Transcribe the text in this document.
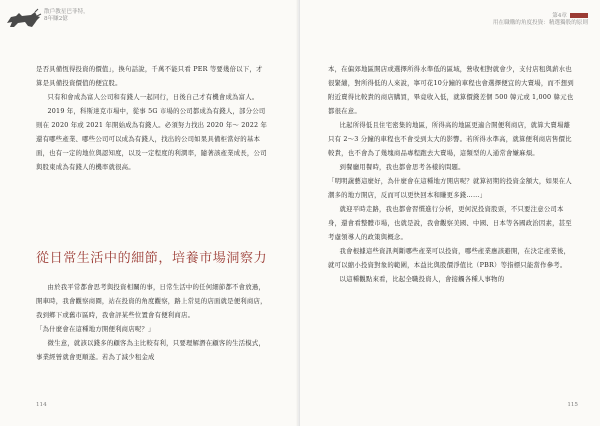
散戶教星巴菲特，
8年賺2億

是否具備恆得投資的價值」，換句話說，千萬不能只看 PER 等要幾倍以下，才算是具備投資價值的便宜股。

只有和會成為富人公司和有錢人一起同行，日後自己才有機會成為富人。

2019 年，科斯達克市場中，從事 5G 市場的公司都成為有錢人，部分公司則在 2020 年或 2021 年開始成為有錢人。必須努力找出 2020 年～ 2022 年還有哪些產業、哪些公司可以成為有錢人，找出的公司如果具備柜當好的基本面，也有一定的地位與認知度，以及一定程度的利潤率，隨著該產業成長，公司與股東成為有錢人的機率就很高。

從日常生活中的細節，培養市場洞察力

由於我平常都會思考與投資相關的事，日常生活中的任何細節都不會放過，開車時，我會觀察商圈，站在投資的角度觀察，路上常見的店面就是便利商店，我到鄉下或舊市區時，我會評某些位置會有便利商店。

「為什麼會在這種地方開便利商店呢？」

微生意，就該以錢多的顧客為主比較有利，只要理解潛在顧客的生活模式，事業經營就會更順遂。若為了減少租金成

114
第4章
用在職購的角度投資：精選獨股的原則

本，在偏郊地區開店或選擇所得水準低的區域，營收相對就會少，支付店租與薪水也很緊繃，對所得低的人來說，寧可花10分鐘的車程也會選擇便宜的大賣場，而不想到附近賣得比較貴的商店購買，畢竟收入低，就算價錢差個 500 韓元或 1,000 韓元也都很在意。

比起所得低且住宅密集的地區，所得高的地區更適合開便利商店，就算大賣場離只有 2～3 分鐘的車程也不會受到太大的影響。若所得水準高，就算便利商店售價比較貴，也不會為了幾塊商品專程跑去大賣場，這類型的人通常會嫌麻煩。

到餐廳用餐時，我也都會思考各樣的問題。

「明明蔬藝這麼好，為什麼會在這種地方開店呢？就算初期的投資金額大，如果在人潮多的地方開店，反而可以更快回本和賺更多錢……」

就迎平時走路，我也都會習慣進行分析，更何況投資股票，不只要注意公司本身，還會看整體市場，也就是說，我會觀察美國、中國、日本等各國政治因素，甚至考慮領導人的政策與概念。

我會根據這些資訊判斷哪些產業可以投資，哪些產業應該避開，在決定產業後，就可以縮小投資對象的範圍，本益比與股價淨值比（PBR）等指標只能當作參考。

以這種觀點來看，比起全職投資人，會接觸各種人事物的

115
